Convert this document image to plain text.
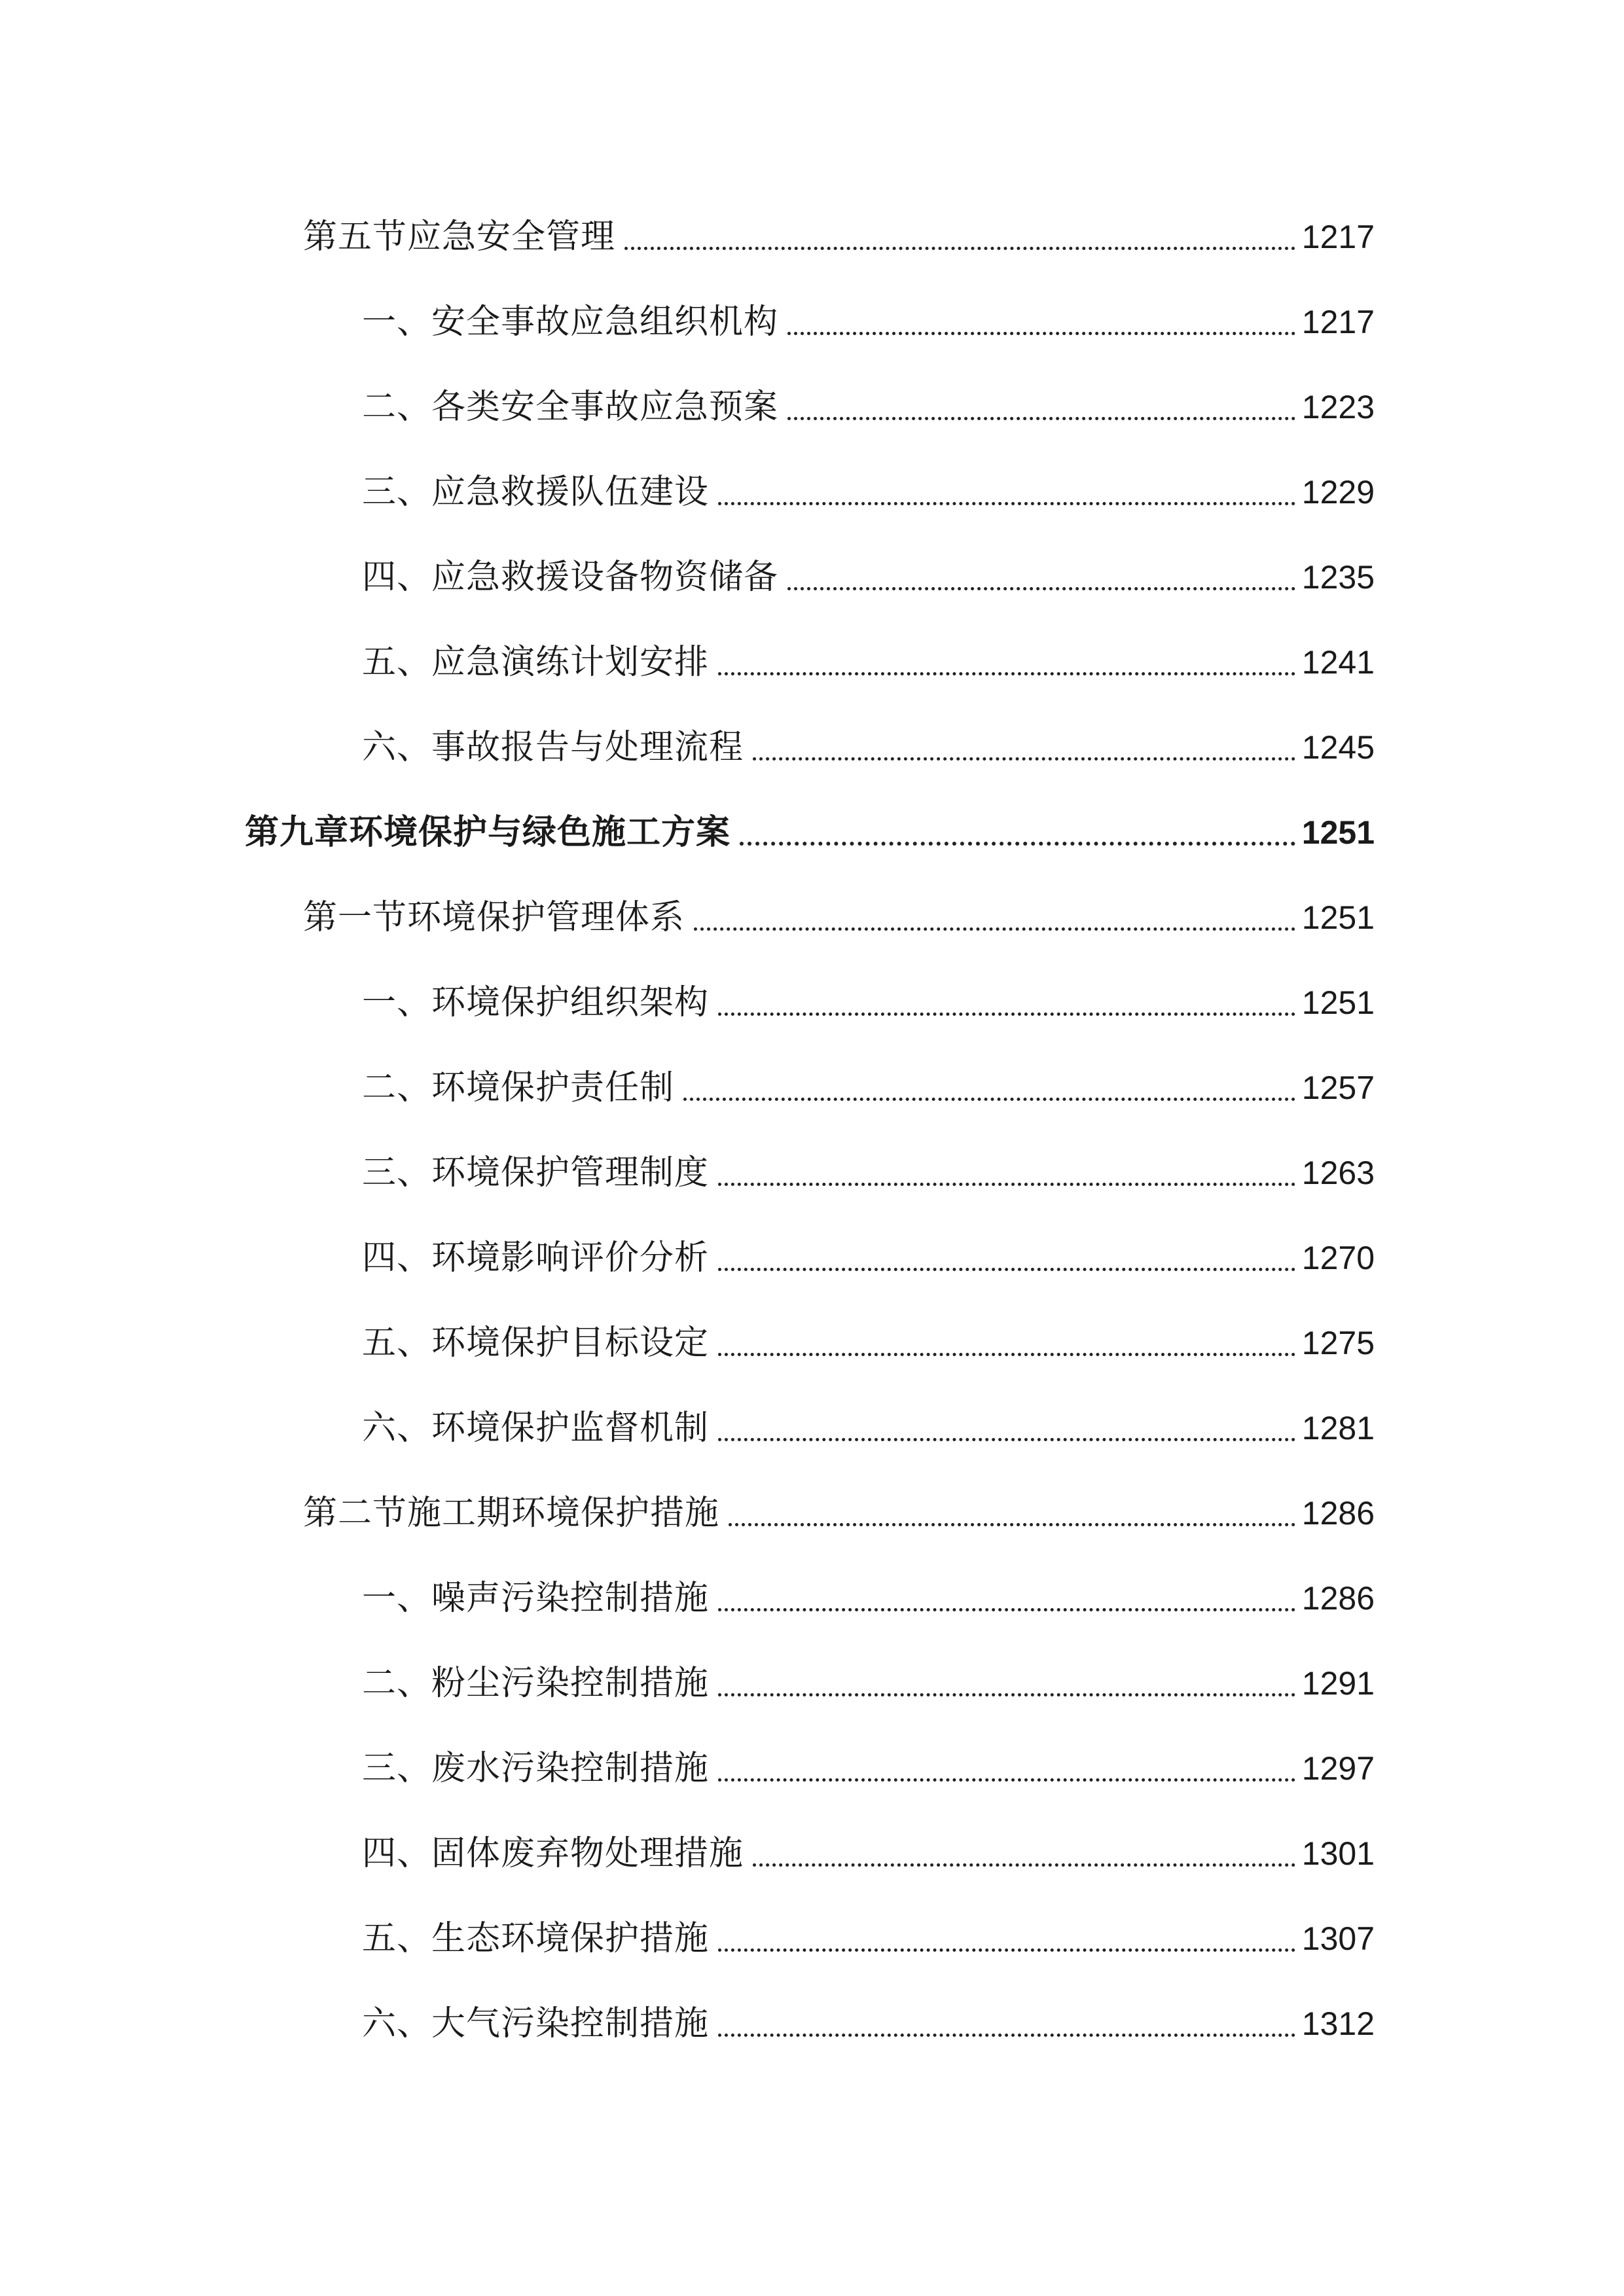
第五节应急安全管理	1217
一、安全事故应急组织机构	1217
二、各类安全事故应急预案	1223
三、应急救援队伍建设	1229
四、应急救援设备物资储备	1235
五、应急演练计划安排	1241
六、事故报告与处理流程	1245
第九章环境保护与绿色施工方案	1251
第一节环境保护管理体系	1251
一、环境保护组织架构	1251
二、环境保护责任制	1257
三、环境保护管理制度	1263
四、环境影响评价分析	1270
五、环境保护目标设定	1275
六、环境保护监督机制	1281
第二节施工期环境保护措施	1286
一、噪声污染控制措施	1286
二、粉尘污染控制措施	1291
三、废水污染控制措施	1297
四、固体废弃物处理措施	1301
五、生态环境保护措施	1307
六、大气污染控制措施	1312
